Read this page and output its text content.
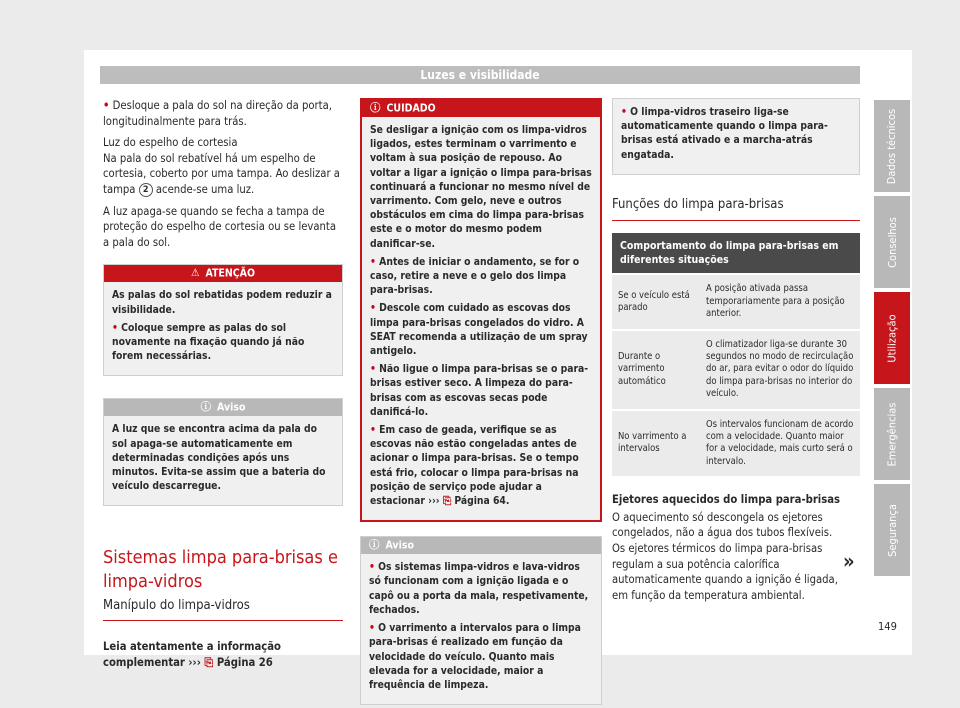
Luzes e visibilidade

• Desloque a pala do sol na direção da porta, longitudinalmente para trás.

Luz do espelho de cortesia

Na pala do sol rebatível há um espelho de cortesia, coberto por uma tampa. Ao deslizar a tampa 2 acende-se uma luz.

A luz apaga-se quando se fecha a tampa de proteção do espelho de cortesia ou se levanta a pala do sol.

⚠ ATENÇÃO

As palas do sol rebatidas podem reduzir a visibilidade.

• Coloque sempre as palas do sol novamente na fixação quando já não forem necessárias.

ⓘ Aviso

A luz que se encontra acima da pala do sol apaga-se automaticamente em determinadas condições após uns minutos. Evita-se assim que a bateria do veículo descarregue.

Sistemas limpa para-brisas e limpa-vidros
Manípulo do limpa-vidros

Leia atentamente a informação complementar ››› ⎘ Página 26

ⓘ CUIDADO

Se desligar a ignição com os limpa-vidros ligados, estes terminam o varrimento e voltam à sua posição de repouso. Ao voltar a ligar a ignição o limpa para-brisas continuará a funcionar no mesmo nível de varrimento. Com gelo, neve e outros obstáculos em cima do limpa para-brisas este e o motor do mesmo podem danificar-se.

• Antes de iniciar o andamento, se for o caso, retire a neve e o gelo dos limpa para-brisas.

• Descole com cuidado as escovas dos limpa para-brisas congelados do vidro. A SEAT recomenda a utilização de um spray antigelo.

• Não ligue o limpa para-brisas se o para-brisas estiver seco. A limpeza do para-brisas com as escovas secas pode danificá-lo.

• Em caso de geada, verifique se as escovas não estão congeladas antes de acionar o limpa para-brisas. Se o tempo está frio, colocar o limpa para-brisas na posição de serviço pode ajudar a estacionar ››› ⎘ Página 64.

ⓘ Aviso

• Os sistemas limpa-vidros e lava-vidros só funcionam com a ignição ligada e o capô ou a porta da mala, respetivamente, fechados.

• O varrimento a intervalos para o limpa para-brisas é realizado em função da velocidade do veículo. Quanto mais elevada for a velocidade, maior a frequência de limpeza.

• O limpa-vidros traseiro liga-se automaticamente quando o limpa para-brisas está ativado e a marcha-atrás engatada.

Funções do limpa para-brisas
Comportamento do limpa para-brisas em diferentes situações	
Se o veículo está parado	A posição ativada passa temporariamente para a posição anterior.
Durante o varrimento automático	O climatizador liga-se durante 30 segundos no modo de recirculação do ar, para evitar o odor do líquido do limpa para-brisas no interior do veículo.
No varrimento a intervalos	Os intervalos funcionam de acordo com a velocidade. Quanto maior for a velocidade, mais curto será o intervalo.

Ejetores aquecidos do limpa para-brisas

O aquecimento só descongela os ejetores congelados, não a água dos tubos flexíveis. Os ejetores térmicos do limpa para-brisas regulam a sua potência calorífica automaticamente quando a ignição é ligada, em função da temperatura ambiental.

»
Dados técnicos
Conselhos
Utilização
Emergências
Segurança
149
